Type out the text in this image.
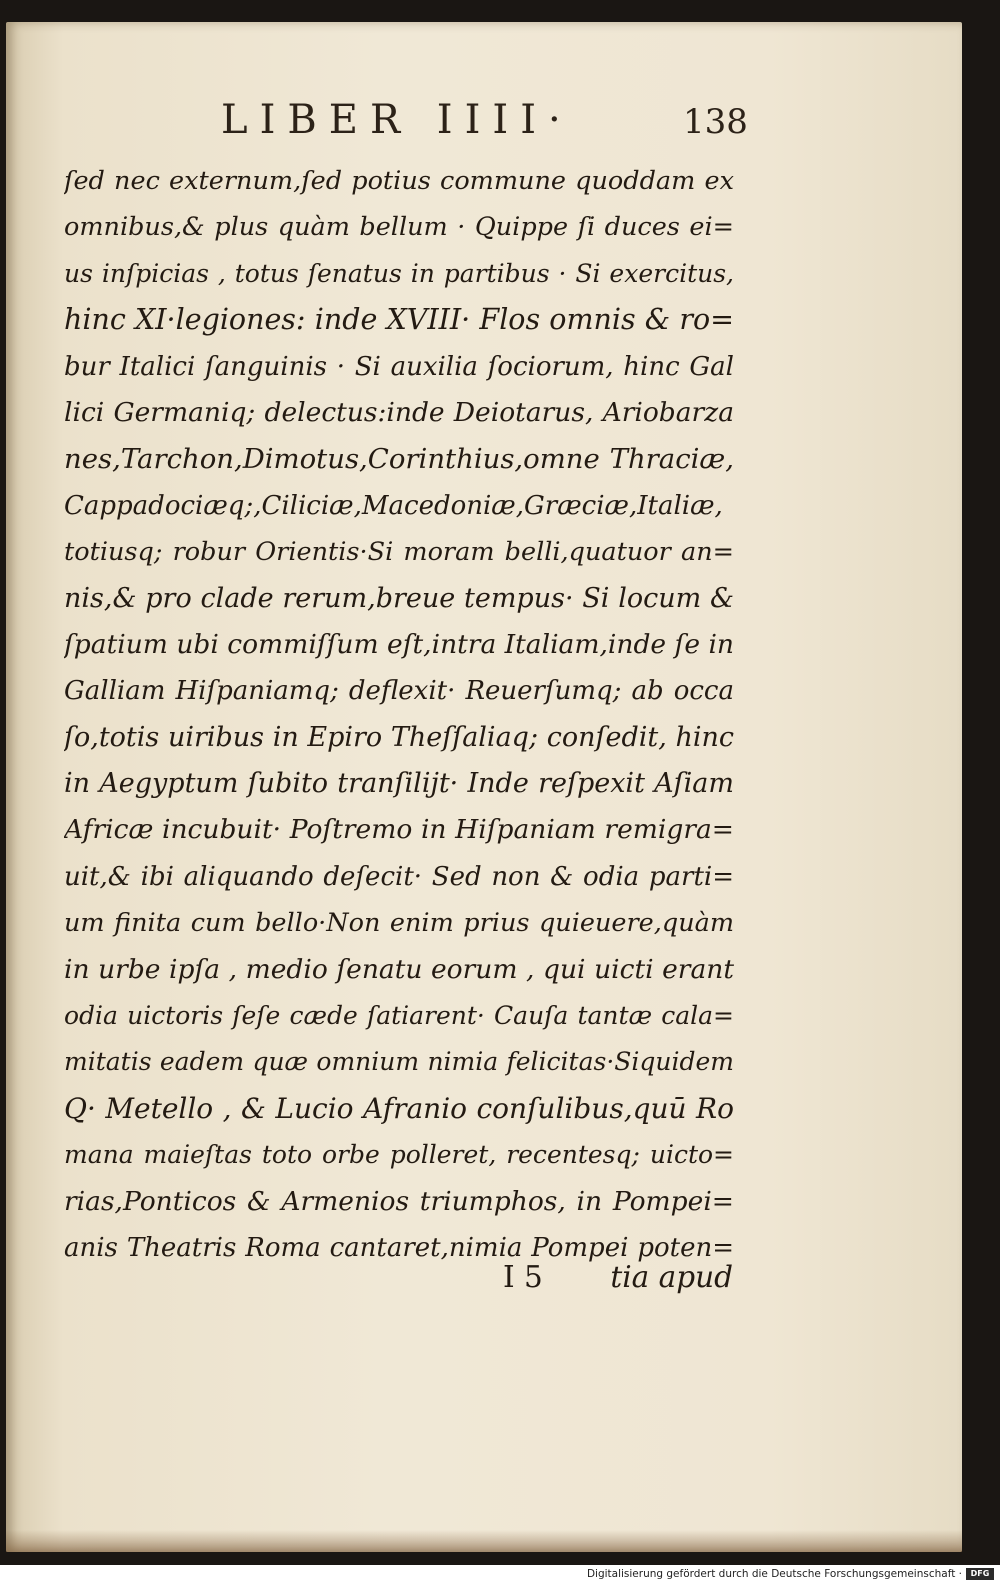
LIBER IIII·	138
ſed nec externum,ſed potius commune quoddam ex
omnibus,& plus quàm bellum · Quippe ſi duces ei=
us inſpicias , totus ſenatus in partibus · Si exercitus,
hinc XI·legiones: inde XVIII· Flos omnis & ro=
bur Italici ſanguinis · Si auxilia ſociorum, hinc Gal
lici Germaniq; delectus:inde Deiotarus, Ariobarza
nes,Tarchon,Dimotus,Corinthius,omne Thraciæ,
Cappadociæq;,Ciliciæ,Macedoniæ,Græciæ,Italiæ,
totiusq; robur Orientis·Si moram belli,quatuor an=
nis,& pro clade rerum,breue tempus· Si locum &
ſpatium ubi commiſſum eſt,intra Italiam,inde ſe in
Galliam Hiſpaniamq; deflexit· Reuerſumq; ab occa
ſo,totis uiribus in Epiro Theſſaliaq; conſedit, hinc
in Aegyptum ſubito tranſilijt· Inde reſpexit Aſiam
Africæ incubuit· Poſtremo in Hiſpaniam remigra=
uit,& ibi aliquando deſecit· Sed non & odia parti=
um finita cum bello·Non enim prius quieuere,quàm
in urbe ipſa , medio ſenatu eorum , qui uicti erant
odia uictoris ſeſe cæde ſatiarent· Cauſa tantæ cala=
mitatis eadem quæ omnium nimia felicitas·Siquidem
Q· Metello , & Lucio Afranio conſulibus,quū Ro
mana maieſtas toto orbe polleret, recentesq; uicto=
rias,Ponticos & Armenios triumphos, in Pompei=
anis Theatris Roma cantaret,nimia Pompei poten=
I 5 tia apud
Digitalisierung gefördert durch die Deutsche Forschungsgemeinschaft ·	DFG
